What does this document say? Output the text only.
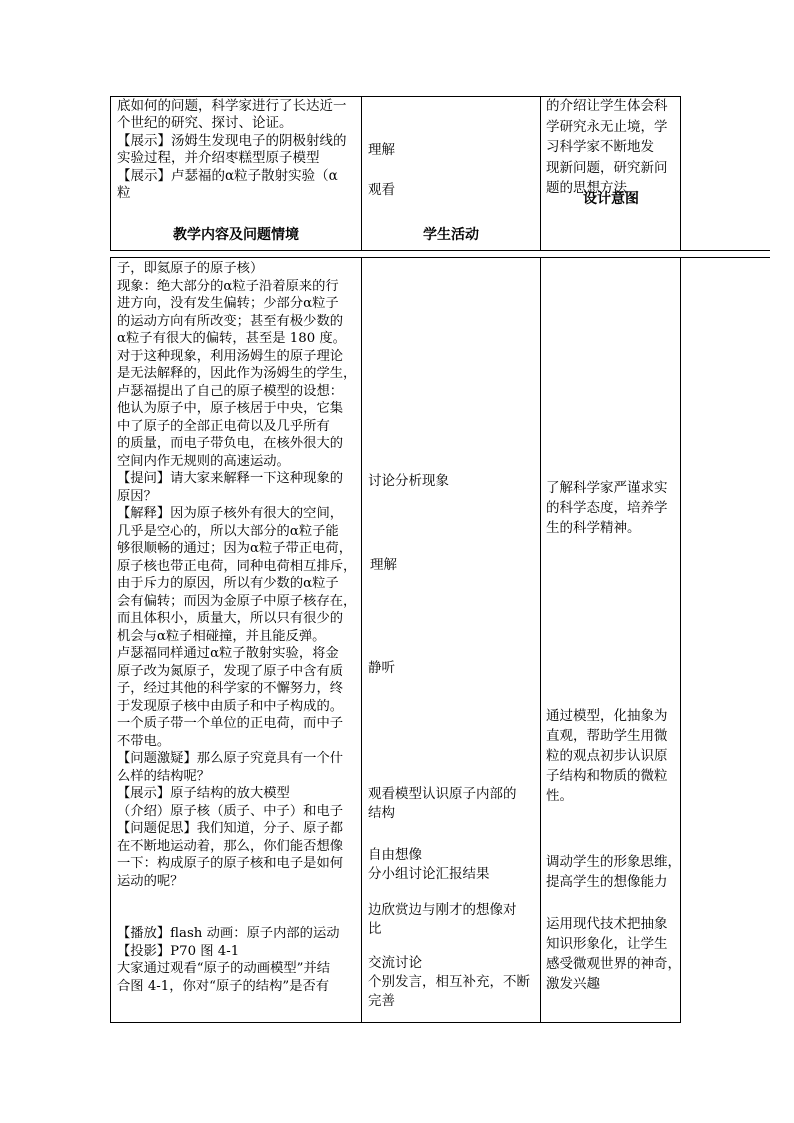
底如何的问题，科学家进行了长达近一
个世纪的研究、探讨、论证。
【展示】汤姆生发现电子的阴极射线的
实验过程，并介绍枣糕型原子模型
【展示】卢瑟福的α粒子散射实验（α
粒
理解
观看
的介绍让学生体会科
学研究永无止境，学
习科学家不断地发
现新问题，研究新问
题的思想方法
教学内容及问题情境	学生活动
设计意图
子，即氦原子的原子核）
现象：绝大部分的α粒子沿着原来的行
进方向，没有发生偏转；少部分α粒子
的运动方向有所改变；甚至有极少数的
α粒子有很大的偏转，甚至是 180 度。
对于这种现象，利用汤姆生的原子理论
是无法解释的，因此作为汤姆生的学生，
卢瑟福提出了自己的原子模型的设想：
他认为原子中，原子核居于中央，它集
中了原子的全部正电荷以及几乎所有
的质量，而电子带负电，在核外很大的
空间内作无规则的高速运动。
【提问】请大家来解释一下这种现象的
原因？
【解释】因为原子核外有很大的空间，
几乎是空心的，所以大部分的α粒子能
够很顺畅的通过；因为α粒子带正电荷，
原子核也带正电荷，同种电荷相互排斥，
由于斥力的原因，所以有少数的α粒子
会有偏转；而因为金原子中原子核存在，
而且体积小，质量大，所以只有很少的
机会与α粒子相碰撞，并且能反弹。
卢瑟福同样通过α粒子散射实验，将金
原子改为氮原子，发现了原子中含有质
子，经过其他的科学家的不懈努力，终
于发现原子核中由质子和中子构成的。
一个质子带一个单位的正电荷，而中子
不带电。
【问题激疑】那么原子究竟具有一个什
么样的结构呢？
【展示】原子结构的放大模型
（介绍）原子核（质子、中子）和电子
【问题促思】我们知道，分子、原子都
在不断地运动着，那么，你们能否想像
一下：构成原子的原子核和电子是如何
运动的呢？

【播放】flash 动画：原子内部的运动
【投影】P70 图 4-1
大家通过观看“原子的动画模型”并结
合图 4-1，你对“原子的结构”是否有
讨论分析现象
理解
静听
观看模型认识原子内部的
结构
自由想像
分小组讨论汇报结果
边欣赏边与刚才的想像对
比
交流讨论
个别发言，相互补充，不断
完善
了解科学家严谨求实
的科学态度，培养学
生的科学精神。
通过模型，化抽象为
直观，帮助学生用微
粒的观点初步认识原
子结构和物质的微粒
性。
调动学生的形象思维，
提高学生的想像能力
运用现代技术把抽象
知识形象化，让学生
感受微观世界的神奇，
激发兴趣
